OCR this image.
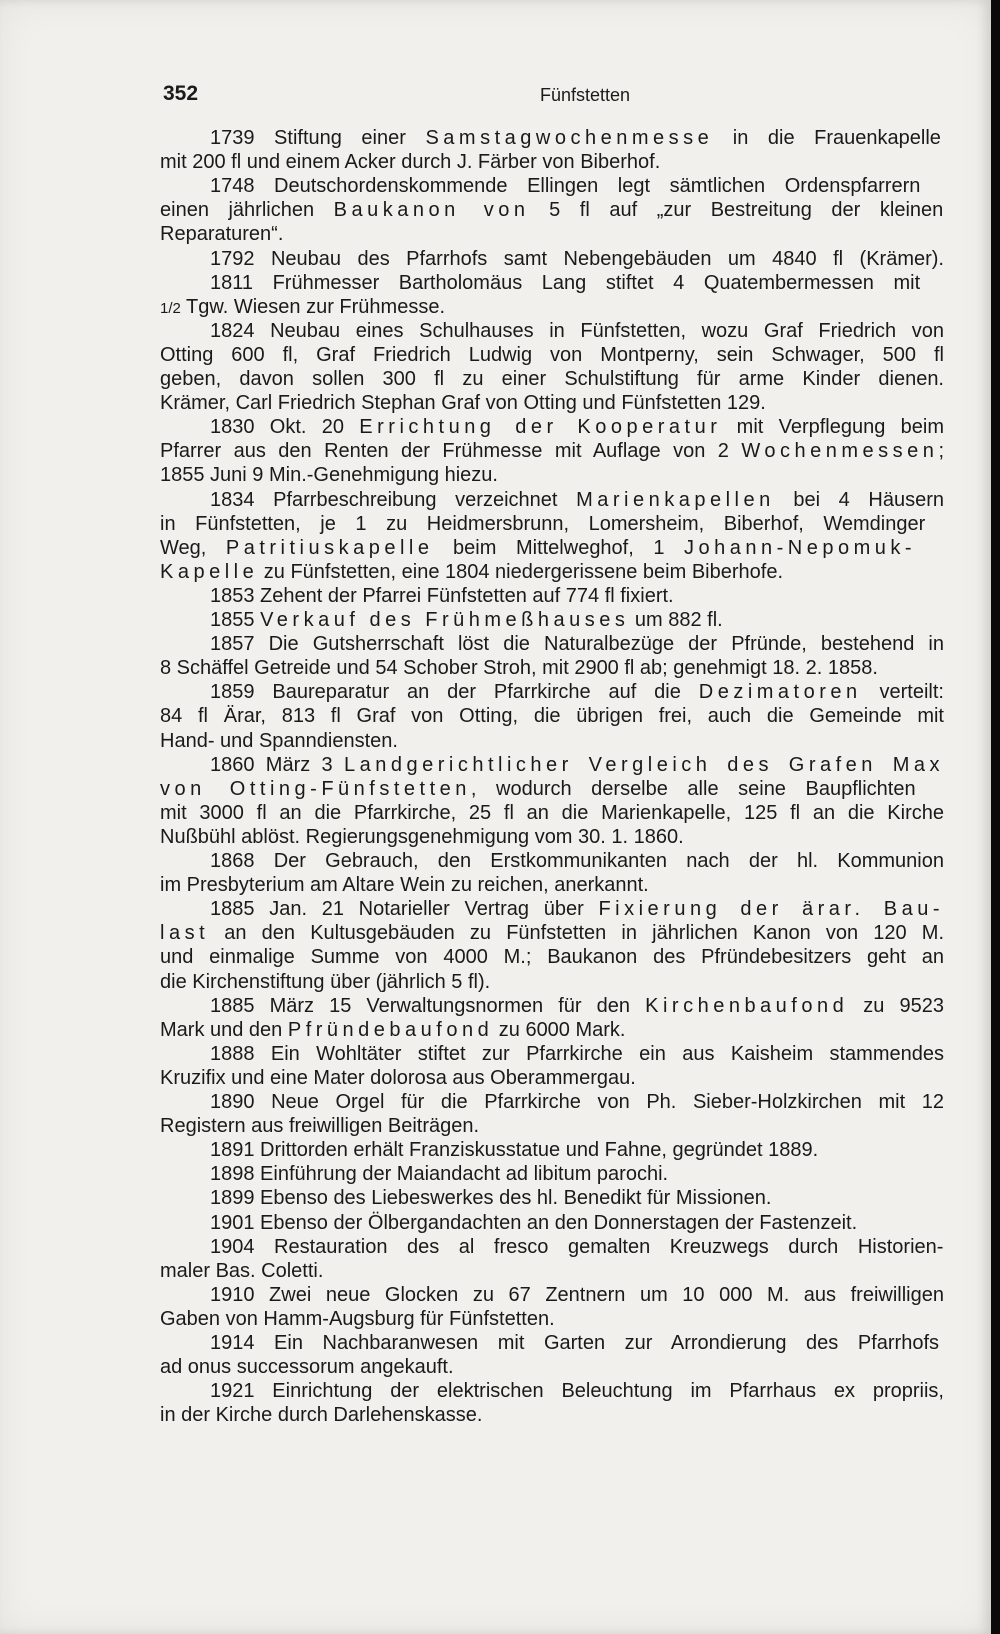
352	Fünfstetten
1739 Stiftung einer Samstagwochenmesse in die Frauenkapelle
mit 200 fl und einem Acker durch J. Färber von Biberhof.
1748 Deutschordenskommende Ellingen legt sämtlichen Ordenspfarrern
einen jährlichen Baukanon von 5 fl auf „zur Bestreitung der kleinen
Reparaturen“.
1792 Neubau des Pfarrhofs samt Nebengebäuden um 4840 fl (Krämer).
1811 Frühmesser Bartholomäus Lang stiftet 4 Quatembermessen mit
1/2 Tgw. Wiesen zur Frühmesse.
1824 Neubau eines Schulhauses in Fünfstetten, wozu Graf Friedrich von
Otting 600 fl, Graf Friedrich Ludwig von Montperny, sein Schwager, 500 fl
geben, davon sollen 300 fl zu einer Schulstiftung für arme Kinder dienen.
Krämer, Carl Friedrich Stephan Graf von Otting und Fünfstetten 129.
1830 Okt. 20 Errichtung der Kooperatur mit Verpflegung beim
Pfarrer aus den Renten der Frühmesse mit Auflage von 2 Wochenmessen;
1855 Juni 9 Min.-Genehmigung hiezu.
1834 Pfarrbeschreibung verzeichnet Marienkapellen bei 4 Häusern
in Fünfstetten, je 1 zu Heidmersbrunn, Lomersheim, Biberhof, Wemdinger
Weg, Patritiuskapelle beim Mittelweghof, 1 Johann-Nepomuk-
Kapelle zu Fünfstetten, eine 1804 niedergerissene beim Biberhofe.
1853 Zehent der Pfarrei Fünfstetten auf 774 fl fixiert.
1855 Verkauf des Frühmeßhauses um 882 fl.
1857 Die Gutsherrschaft löst die Naturalbezüge der Pfründe, bestehend in
8 Schäffel Getreide und 54 Schober Stroh, mit 2900 fl ab; genehmigt 18. 2. 1858.
1859 Baureparatur an der Pfarrkirche auf die Dezimatoren verteilt:
84 fl Ärar, 813 fl Graf von Otting, die übrigen frei, auch die Gemeinde mit
Hand- und Spanndiensten.
1860 März 3 Landgerichtlicher Vergleich des Grafen Max
von Otting-Fünfstetten, wodurch derselbe alle seine Baupflichten
mit 3000 fl an die Pfarrkirche, 25 fl an die Marienkapelle, 125 fl an die Kirche
Nußbühl ablöst. Regierungsgenehmigung vom 30. 1. 1860.
1868 Der Gebrauch, den Erstkommunikanten nach der hl. Kommunion
im Presbyterium am Altare Wein zu reichen, anerkannt.
1885 Jan. 21 Notarieller Vertrag über Fixierung der ärar. Bau-
last an den Kultusgebäuden zu Fünfstetten in jährlichen Kanon von 120 M.
und einmalige Summe von 4000 M.; Baukanon des Pfründebesitzers geht an
die Kirchenstiftung über (jährlich 5 fl).
1885 März 15 Verwaltungsnormen für den Kirchenbaufond zu 9523
Mark und den Pfründebaufond zu 6000 Mark.
1888 Ein Wohltäter stiftet zur Pfarrkirche ein aus Kaisheim stammendes
Kruzifix und eine Mater dolorosa aus Oberammergau.
1890 Neue Orgel für die Pfarrkirche von Ph. Sieber-Holzkirchen mit 12
Registern aus freiwilligen Beiträgen.
1891 Drittorden erhält Franziskusstatue und Fahne, gegründet 1889.
1898 Einführung der Maiandacht ad libitum parochi.
1899 Ebenso des Liebeswerkes des hl. Benedikt für Missionen.
1901 Ebenso der Ölbergandachten an den Donnerstagen der Fastenzeit.
1904 Restauration des al fresco gemalten Kreuzwegs durch Historien-
maler Bas. Coletti.
1910 Zwei neue Glocken zu 67 Zentnern um 10 000 M. aus freiwilligen
Gaben von Hamm-Augsburg für Fünfstetten.
1914 Ein Nachbaranwesen mit Garten zur Arrondierung des Pfarrhofs
ad onus successorum angekauft.
1921 Einrichtung der elektrischen Beleuchtung im Pfarrhaus ex propriis,
in der Kirche durch Darlehenskasse.
